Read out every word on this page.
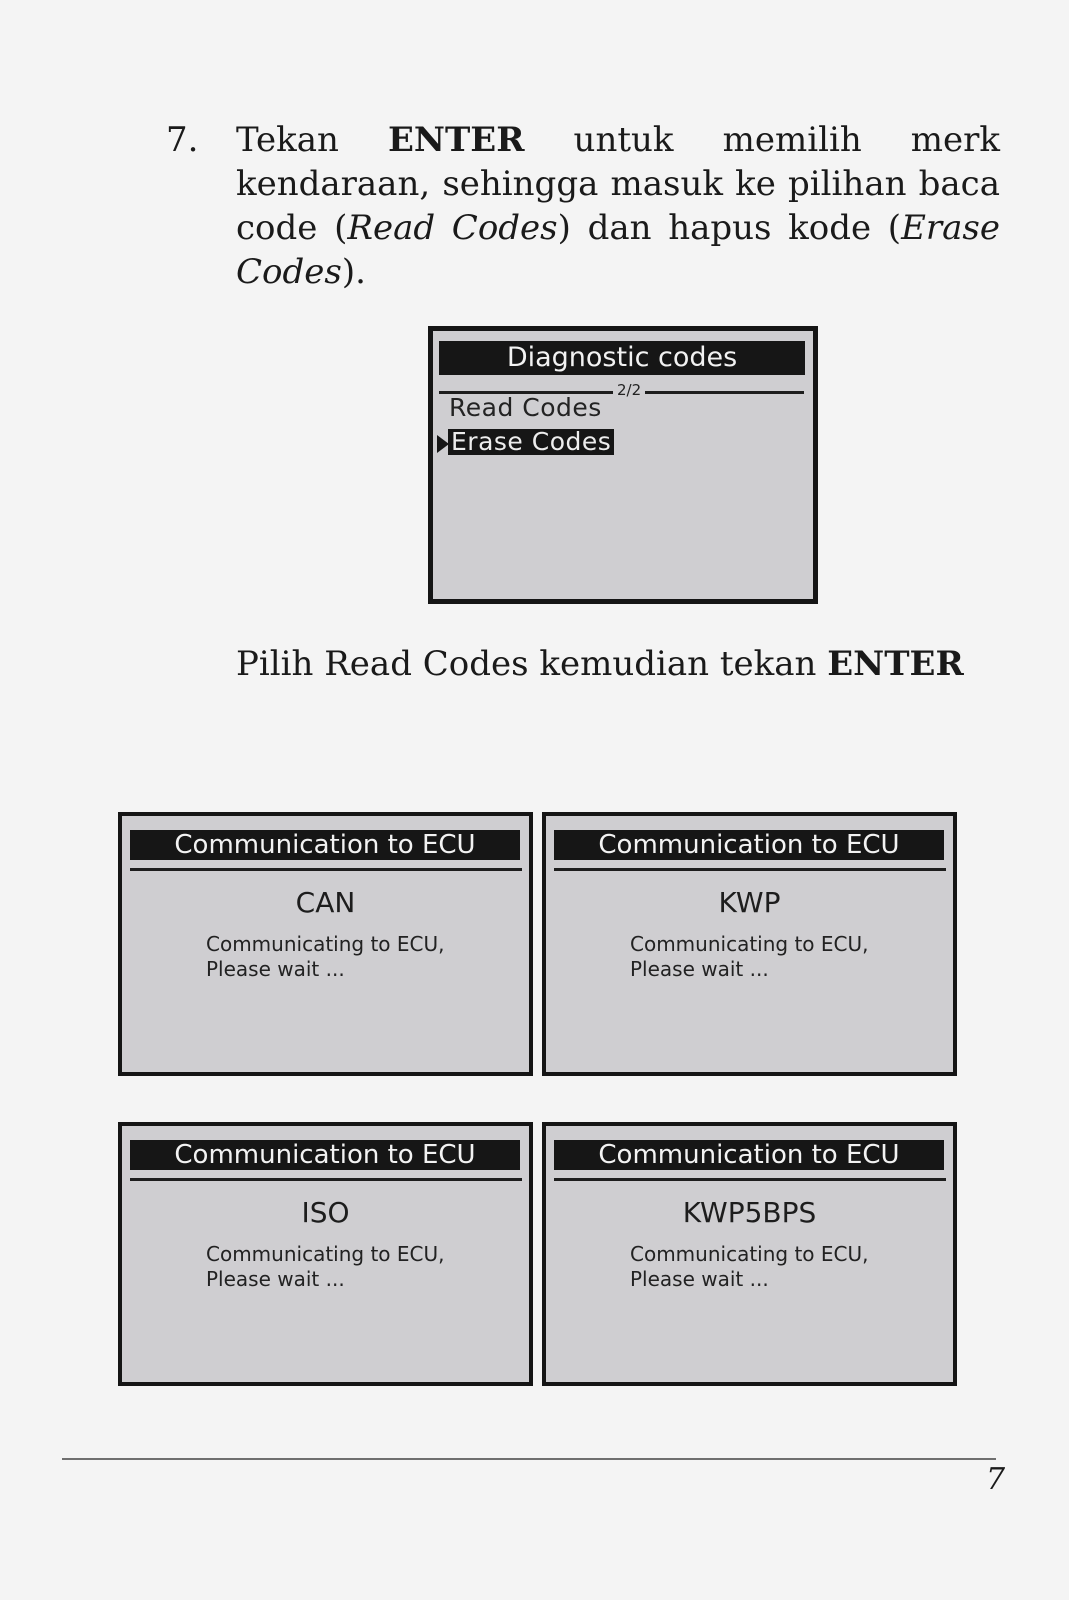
7. Tekan ENTER untuk memilih merk kendaraan, sehingga masuk ke pilihan baca code (Read Codes) dan hapus kode (Erase Codes).
Diagnostic codes
2/2
Read Codes
Erase Codes
Pilih Read Codes kemudian tekan ENTER
Communication to ECU
CAN
Communicating to ECU,
Please wait ...
Communication to ECU
KWP
Communicating to ECU,
Please wait ...
Communication to ECU
ISO
Communicating to ECU,
Please wait ...
Communication to ECU
KWP5BPS
Communicating to ECU,
Please wait ...
7
